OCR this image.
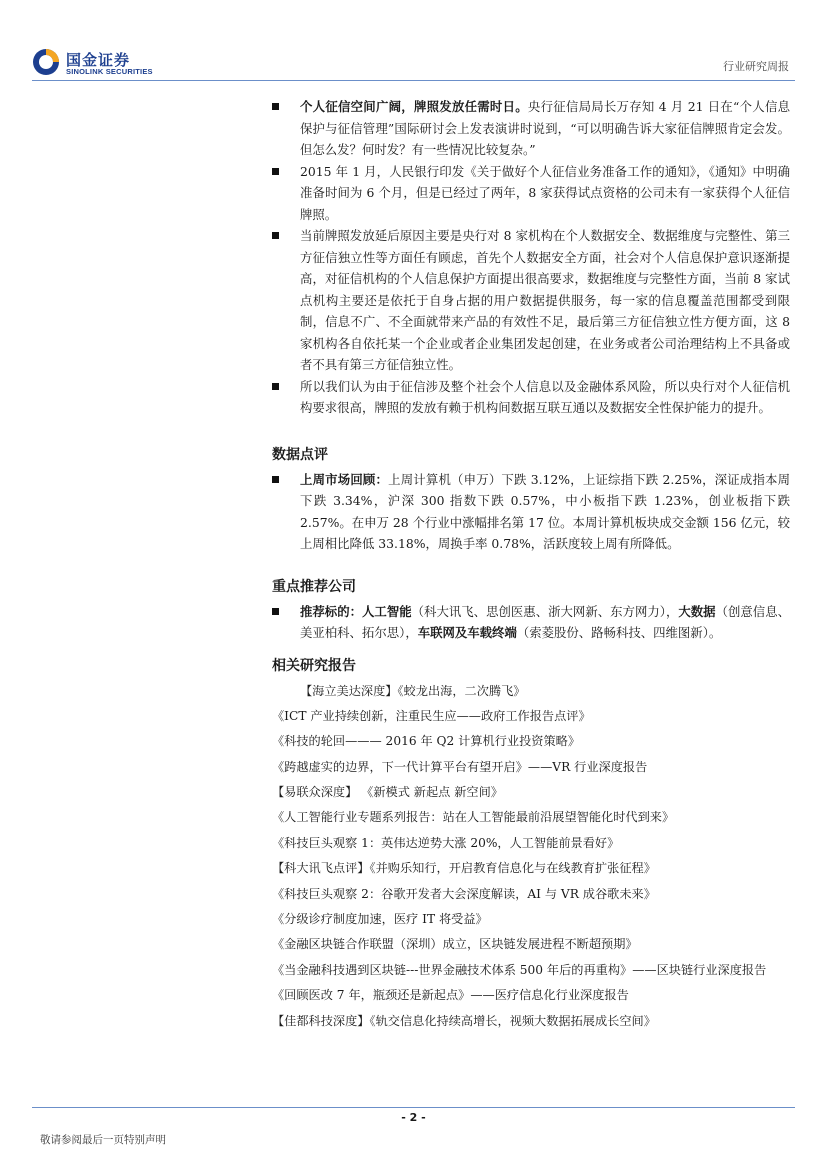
国金证券
SINOLINK SECURITIES	行业研究周报
个人征信空间广阔，牌照发放任需时日。央行征信局局长万存知 4 月 21 日在“个人信息保护与征信管理”国际研讨会上发表演讲时说到，“可以明确告诉大家征信牌照肯定会发。但怎么发？何时发？有一些情况比较复杂。”
2015 年 1 月，人民银行印发《关于做好个人征信业务准备工作的通知》，《通知》中明确准备时间为 6 个月，但是已经过了两年，8 家获得试点资格的公司未有一家获得个人征信牌照。
当前牌照发放延后原因主要是央行对 8 家机构在个人数据安全、数据维度与完整性、第三方征信独立性等方面任有顾虑，首先个人数据安全方面，社会对个人信息保护意识逐渐提高，对征信机构的个人信息保护方面提出很高要求，数据维度与完整性方面，当前 8 家试点机构主要还是依托于自身占据的用户数据提供服务，每一家的信息覆盖范围都受到限制，信息不广、不全面就带来产品的有效性不足，最后第三方征信独立性方便方面，这 8 家机构各自依托某一个企业或者企业集团发起创建，在业务或者公司治理结构上不具备或者不具有第三方征信独立性。
所以我们认为由于征信涉及整个社会个人信息以及金融体系风险，所以央行对个人征信机构要求很高，牌照的发放有赖于机构间数据互联互通以及数据安全性保护能力的提升。
数据点评
上周市场回顾：上周计算机（申万）下跌 3.12%，上证综指下跌 2.25%，深证成指本周下跌 3.34%，沪深 300 指数下跌 0.57%，中小板指下跌 1.23%，创业板指下跌 2.57%。在申万 28 个行业中涨幅排名第 17 位。本周计算机板块成交金额 156 亿元，较上周相比降低 33.18%，周换手率 0.78%，活跃度较上周有所降低。
重点推荐公司
推荐标的：人工智能（科大讯飞、思创医惠、浙大网新、东方网力），大数据（创意信息、美亚柏科、拓尔思），车联网及车载终端（索菱股份、路畅科技、四维图新）。
相关研究报告
【海立美达深度】《蛟龙出海，二次腾飞》
《ICT 产业持续创新，注重民生应——政府工作报告点评》
《科技的轮回——— 2016 年 Q2 计算机行业投资策略》
《跨越虚实的边界，下一代计算平台有望开启》——VR 行业深度报告
【易联众深度】 《新模式 新起点 新空间》
《人工智能行业专题系列报告：站在人工智能最前沿展望智能化时代到来》
《科技巨头观察 1：英伟达逆势大涨 20%，人工智能前景看好》
【科大讯飞点评】《并购乐知行，开启教育信息化与在线教育扩张征程》
《科技巨头观察 2：谷歌开发者大会深度解读，AI 与 VR 成谷歌未来》
《分级诊疗制度加速，医疗 IT 将受益》
《金融区块链合作联盟（深圳）成立，区块链发展进程不断超预期》
《当金融科技遇到区块链---世界金融技术体系 500 年后的再重构》——区块链行业深度报告
《回顾医改 7 年，瓶颈还是新起点》——医疗信息化行业深度报告
【佳都科技深度】《轨交信息化持续高增长，视频大数据拓展成长空间》
- 2 -
敬请参阅最后一页特别声明
